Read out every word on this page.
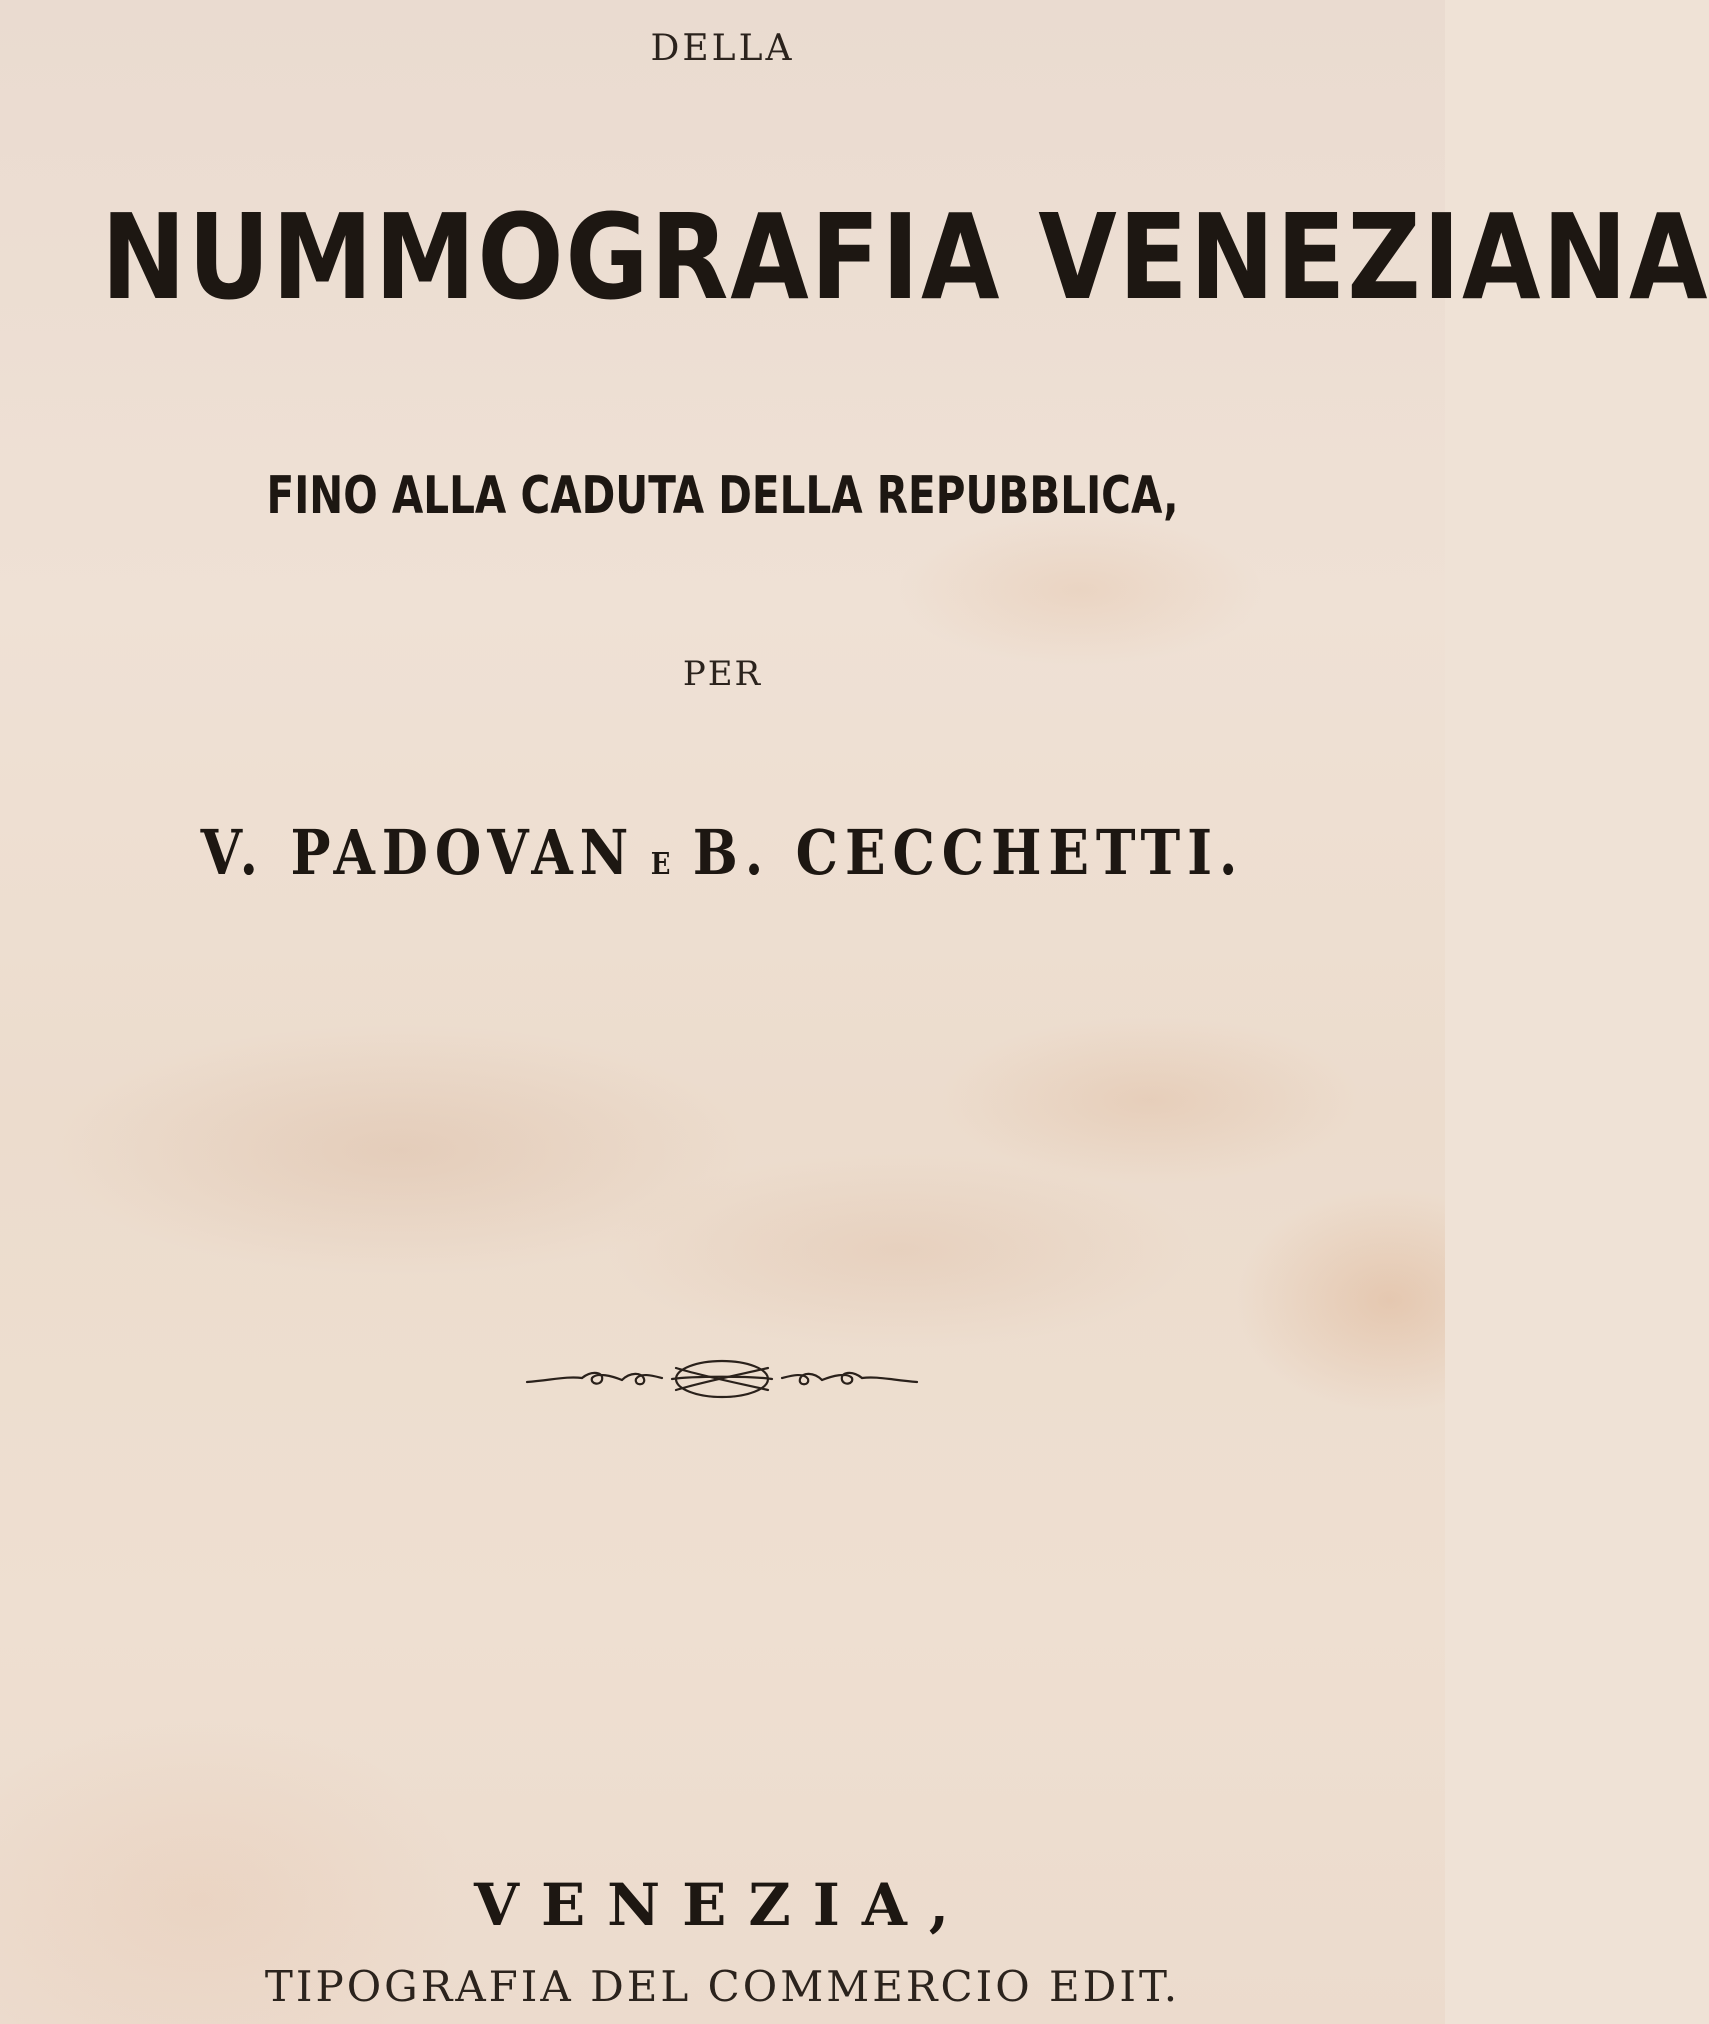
DELLA
NUMMOGRAFIA VENEZIANA
FINO ALLA CADUTA DELLA REPUBBLICA,
PER
V. PADOVAN E B. CECCHETTI.
VENEZIA,
TIPOGRAFIA DEL COMMERCIO EDIT.
